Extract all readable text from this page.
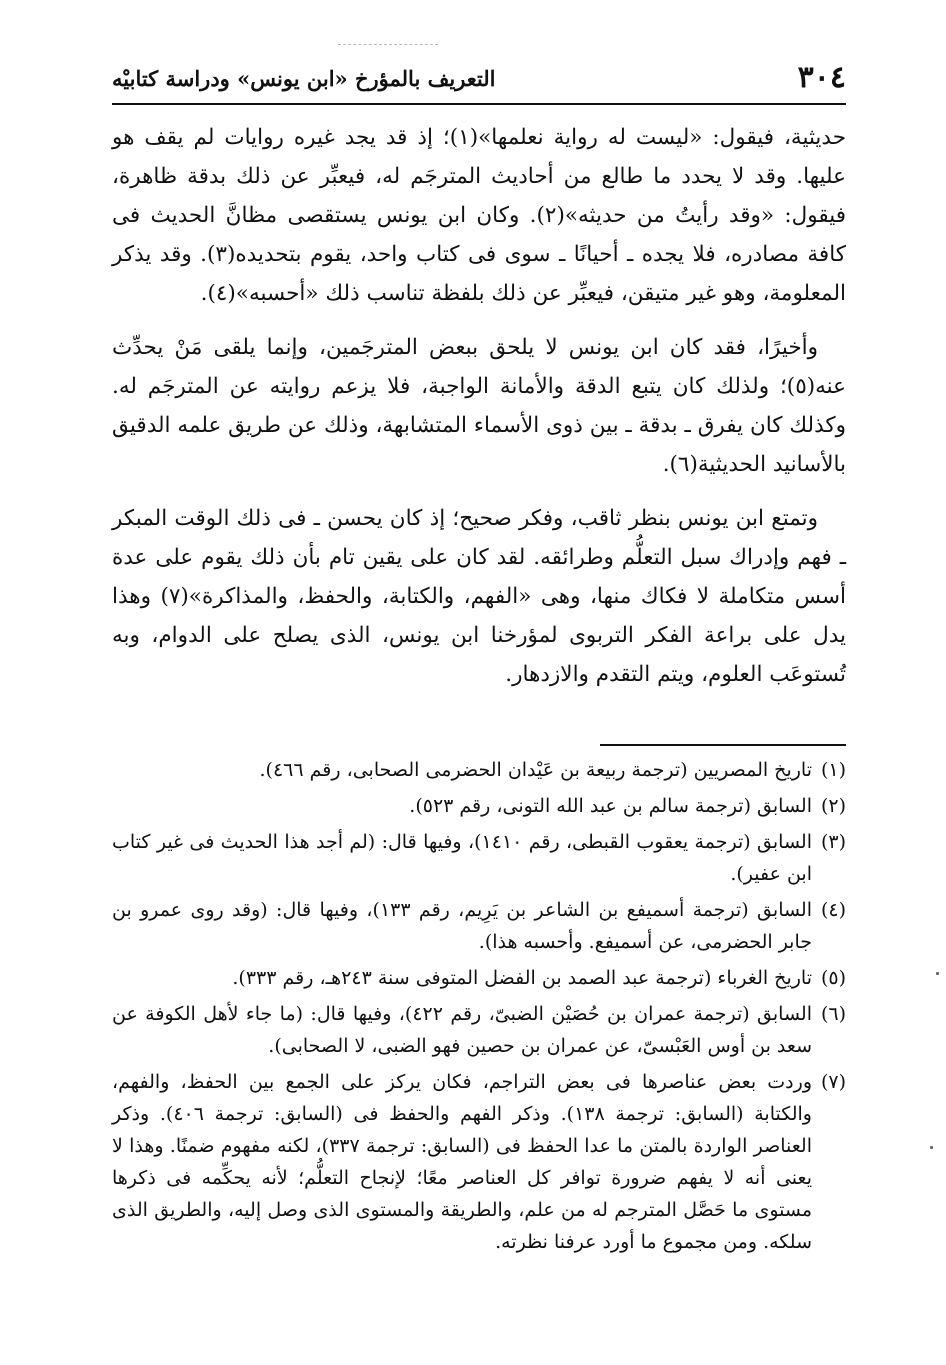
٣٠٤
التعريف بالمؤرخ «ابن يونس» ودراسة كتابيْه

حديثية، فيقول: «ليست له رواية نعلمها»(١)؛ إذ قد يجد غيره روايات لم يقف هو عليها. وقد لا يحدد ما طالع من أحاديث المترجَم له، فيعبِّر عن ذلك بدقة ظاهرة، فيقول: «وقد رأيتُ من حديثه»(٢). وكان ابن يونس يستقصى مظانَّ الحديث فى كافة مصادره، فلا يجده ـ أحيانًا ـ سوى فى كتاب واحد، يقوم بتحديده(٣). وقد يذكر المعلومة، وهو غير متيقن، فيعبِّر عن ذلك بلفظة تناسب ذلك «أحسبه»(٤).

وأخيرًا، فقد كان ابن يونس لا يلحق ببعض المترجَمين، وإنما يلقى مَنْ يحدِّث عنه(٥)؛ ولذلك كان يتبع الدقة والأمانة الواجبة، فلا يزعم روايته عن المترجَم له. وكذلك كان يفرق ـ بدقة ـ بين ذوى الأسماء المتشابهة، وذلك عن طريق علمه الدقيق بالأسانيد الحديثية(٦).

وتمتع ابن يونس بنظر ثاقب، وفكر صحيح؛ إذ كان يحسن ـ فى ذلك الوقت المبكر ـ فهم وإدراك سبل التعلُّم وطرائقه. لقد كان على يقين تام بأن ذلك يقوم على عدة أسس متكاملة لا فكاك منها، وهى «الفهم، والكتابة، والحفظ، والمذاكرة»(٧) وهذا يدل على براعة الفكر التربوى لمؤرخنا ابن يونس، الذى يصلح على الدوام، وبه تُستوعَب العلوم، ويتم التقدم والازدهار.

(١)
تاريخ المصريين (ترجمة ربيعة بن عَيْدان الحضرمى الصحابى، رقم ٤٦٦).
(٢)
السابق (ترجمة سالم بن عبد الله التونى، رقم ٥٢٣).
(٣)
السابق (ترجمة يعقوب القبطى، رقم ١٤١٠)، وفيها قال: (لم أجد هذا الحديث فى غير كتاب ابن عفير).
(٤)
السابق (ترجمة أسميفع بن الشاعر بن يَرِيم، رقم ١٣٣)، وفيها قال: (وقد روى عمرو بن جابر الحضرمى، عن أسميفع. وأحسبه هذا).
(٥)
تاريخ الغرباء (ترجمة عبد الصمد بن الفضل المتوفى سنة ٢٤٣هـ، رقم ٣٣٣).
(٦)
السابق (ترجمة عمران بن حُصَيْن الضبىّ، رقم ٤٢٢)، وفيها قال: (ما جاء لأهل الكوفة عن سعد بن أوس العَبْسىّ، عن عمران بن حصين فهو الضبى، لا الصحابى).
(٧)
وردت بعض عناصرها فى بعض التراجم، فكان يركز على الجمع بين الحفظ، والفهم، والكتابة (السابق: ترجمة ١٣٨). وذكر الفهم والحفظ فى (السابق: ترجمة ٤٠٦). وذكر العناصر الواردة بالمتن ما عدا الحفظ فى (السابق: ترجمة ٣٣٧)، لكنه مفهوم ضمنًا. وهذا لا يعنى أنه لا يفهم ضرورة توافر كل العناصر معًا؛ لإنجاح التعلُّم؛ لأنه يحكِّمه فى ذكرها مستوى ما حَصَّل المترجم له من علم، والطريقة والمستوى الذى وصل إليه، والطريق الذى سلكه. ومن مجموع ما أورد عرفنا نظرته.
